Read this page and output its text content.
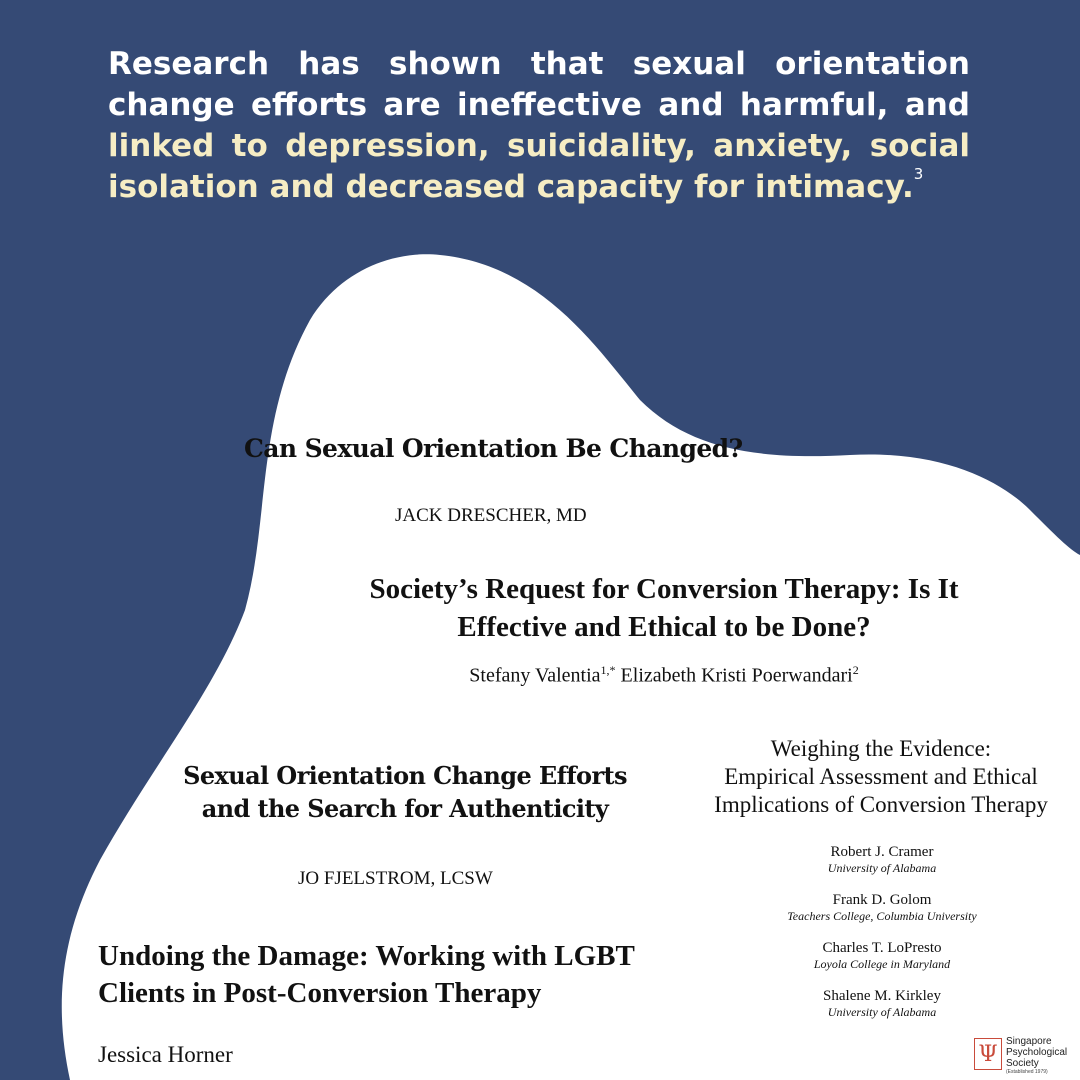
Research has shown that sexual orientation change efforts are ineffective and harmful, and linked to depression, suicidality, anxiety, social isolation and decreased capacity for intimacy.$^3$

Can Sexual Orientation Be Changed?
JACK DRESCHER, MD
Society’s Request for Conversion Therapy: Is It
Effective and Ethical to be Done?
Stefany Valentia$^{1,*}$ Elizabeth Kristi Poerwandari$^2$
Sexual Orientation Change Efforts
and the Search for Authenticity
JO FJELSTROM, LCSW
Undoing the Damage: Working with LGBT
Clients in Post-Conversion Therapy
Jessica Horner
Weighing the Evidence:
Empirical Assessment and Ethical
Implications of Conversion Therapy
Robert J. Cramer
University of Alabama
Frank D. Golom
Teachers College, Columbia University
Charles T. LoPresto
Loyola College in Maryland
Shalene M. Kirkley
University of Alabama
Ψ
Singapore
Psychological
Society
(Established 1979)
